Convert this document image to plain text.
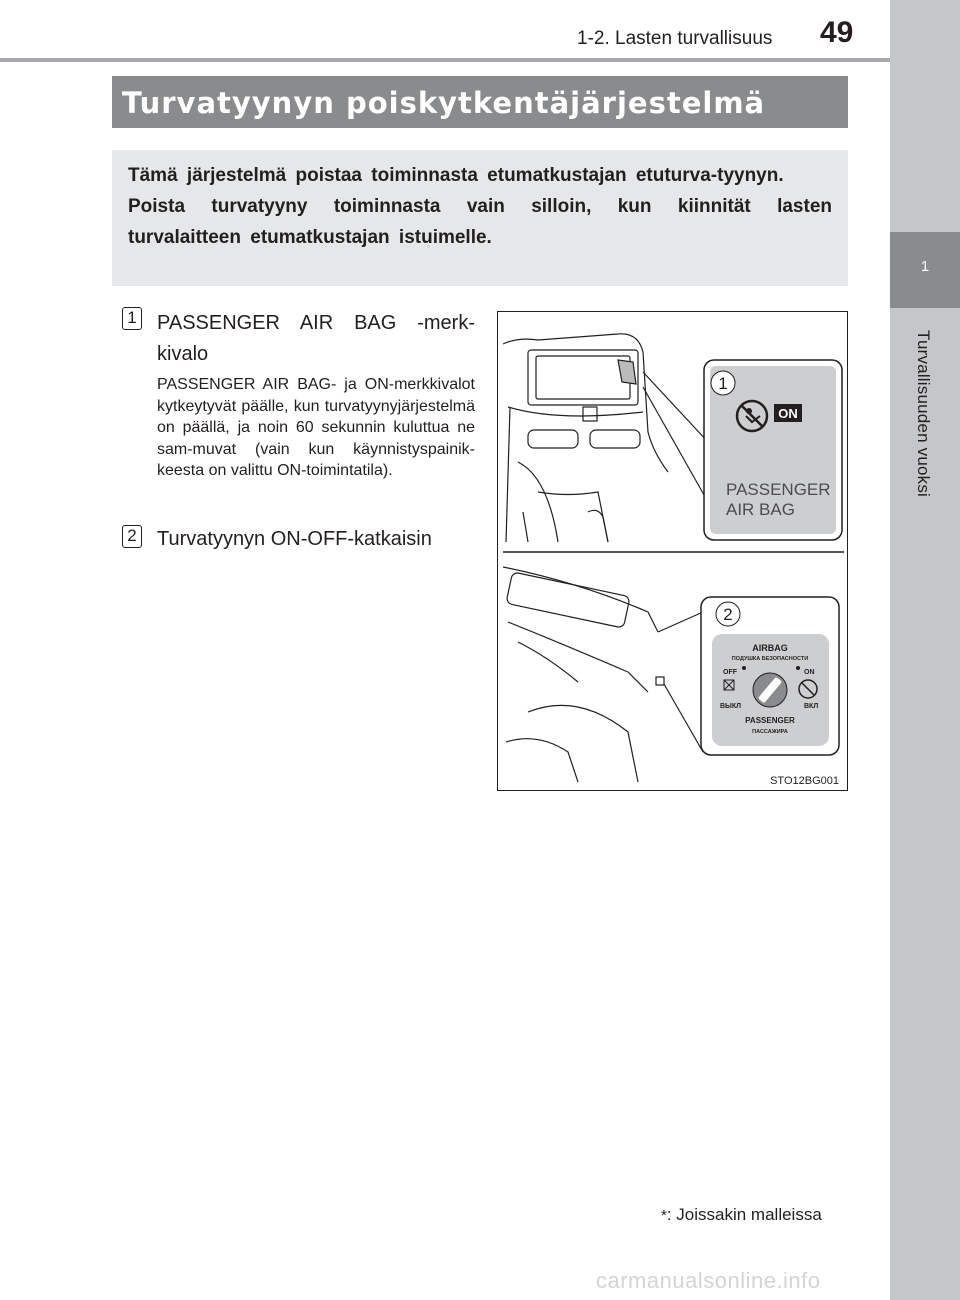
1
Turvallisuuden vuoksi
1-2. Lasten turvallisuus 49
Turvatyynyn poiskytkentäjärjestelmä	*

Tämä järjestelmä poistaa toiminnasta etumatkustajan etuturva-tyynyn.

Poista turvatyyny toiminnasta vain silloin, kun kiinnität lasten turvalaitteen etumatkustajan istuimelle.

1 PASSENGER AIR BAG -merk-kivalo
PASSENGER AIR BAG- ja ON-merkkivalot kytkeytyvät päälle, kun turvatyynyjärjestelmä on päällä, ja noin 60 sekunnin kuluttua ne sam-muvat (vain kun käynnistyspainik-keesta on valittu ON-toimintatila).
2 Turvatyynyn ON-OFF-katkaisin
1
ON
PASSENGER
AIR BAG
2
AIRBAG
ПОДУШКА БЕЗОПАСНОСТИ
OFF	ON
ВЫКЛ	ВКЛ
PASSENGER
ПАССАЖИРА
STO12BG001
*: Joissakin malleissa
carmanualsonline.info
